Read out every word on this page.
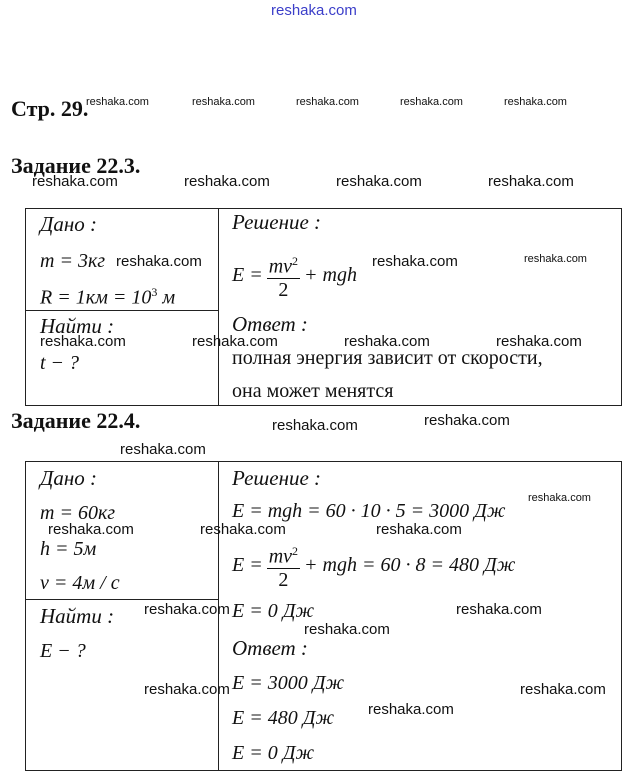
reshaka.com
Стр. 29.
reshaka.com	reshaka.com	reshaka.com	reshaka.com	reshaka.com
Задание 22.3.
reshaka.com	reshaka.com	reshaka.com	reshaka.com
Дано :
m = 3кг reshaka.com
$R = 1км = 10^3$ м
Найти :
reshaka.com
t − ?
Решение :
$E = \frac{mv^2}{2}$ + mgh
reshaka.com	reshaka.com
Ответ :
reshaka.com	reshaka.com	reshaka.com
полная энергия зависит от скорости,
она может менятся
Задание 22.4.	reshaka.com	reshaka.com
reshaka.com
Дано :
m = 60кг
reshaka.com
h = 5м
v = 4м / с
Найти : reshaka.com
E − ?
reshaka.com
Решение :
E = mgh = 60 · 10 · 5 = 3000 Дж
reshaka.com
reshaka.com	reshaka.com
$E = \frac{mv^2}{2}$ + mgh = 60 · 8 = 480 Дж
E = 0 Дж	reshaka.com
reshaka.com
Ответ :
E = 3000 Дж	reshaka.com
E = 480 Дж reshaka.com
E = 0 Дж
